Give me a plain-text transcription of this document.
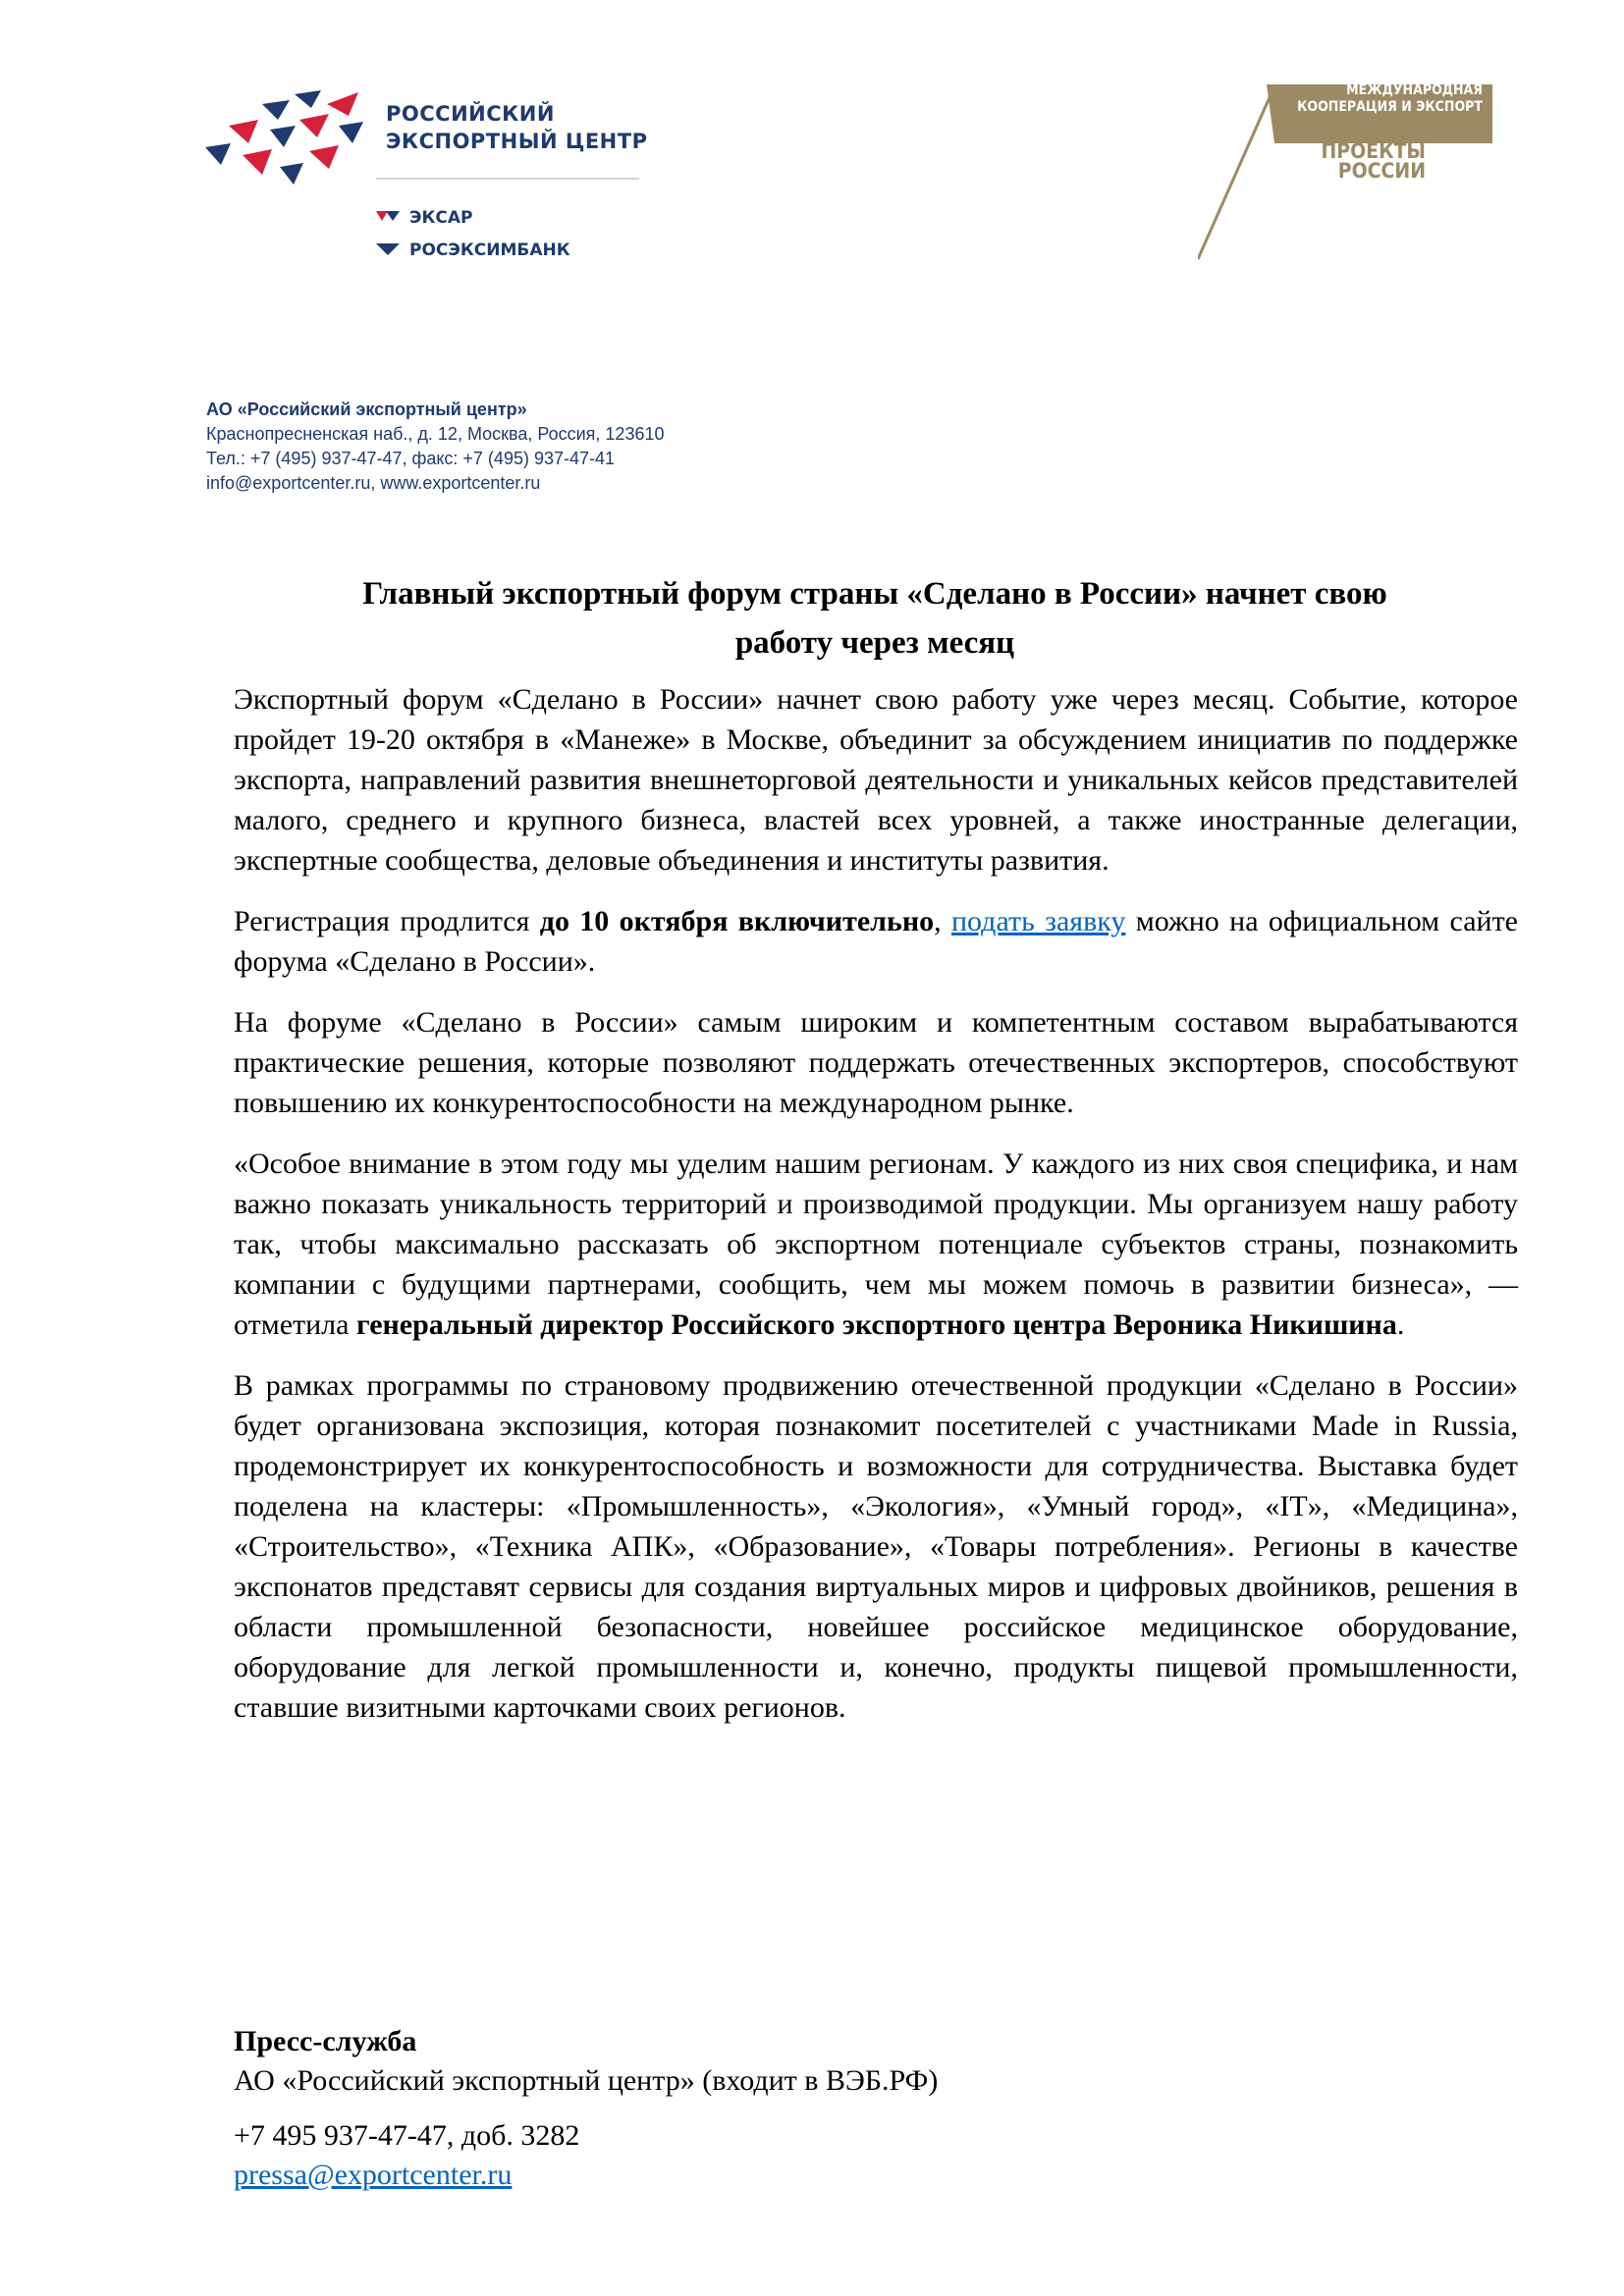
РОССИЙСКИЙ
ЭКСПОРТНЫЙ ЦЕНТР
ЭКСАР
РОСЭКСИМБАНК
МЕЖДУНАРОДНАЯ
КООПЕРАЦИЯ И ЭКСПОРТ
НАЦИОНАЛЬНЫЕ
ПРОЕКТЫ
РОССИИ
АО «Российский экспортный центр»
Краснопресненская наб., д. 12, Москва, Россия, 123610
Тел.: +7 (495) 937-47-47, факс: +7 (495) 937-47-41
info@exportcenter.ru, www.exportcenter.ru
Главный экспортный форум страны «Сделано в России» начнет свою
работу через месяц

Экспортный форум «Сделано в России» начнет свою работу уже через месяц. Событие, которое пройдет 19-20 октября в «Манеже» в Москве, объединит за обсуждением инициатив по поддержке экспорта, направлений развития внешнеторговой деятельности и уникальных кейсов представителей малого, среднего и крупного бизнеса, властей всех уровней, а также иностранные делегации, экспертные сообщества, деловые объединения и институты развития.

Регистрация продлится до 10 октября включительно, подать заявку можно на официальном сайте форума «Сделано в России».

На форуме «Сделано в России» самым широким и компетентным составом вырабатываются практические решения, которые позволяют поддержать отечественных экспортеров, способствуют повышению их конкурентоспособности на международном рынке.

«Особое внимание в этом году мы уделим нашим регионам. У каждого из них своя специфика, и нам важно показать уникальность территорий и производимой продукции. Мы организуем нашу работу так, чтобы максимально рассказать об экспортном потенциале субъектов страны, познакомить компании с будущими партнерами, сообщить, чем мы можем помочь в развитии бизнеса», — отметила генеральный директор Российского экспортного центра Вероника Никишина.

В рамках программы по страновому продвижению отечественной продукции «Сделано в России» будет организована экспозиция, которая познакомит посетителей с участниками Made in Russia, продемонстрирует их конкурентоспособность и возможности для сотрудничества. Выставка будет поделена на кластеры: «Промышленность», «Экология», «Умный город», «IT», «Медицина», «Строительство», «Техника АПК», «Образование», «Товары потребления». Регионы в качестве экспонатов представят сервисы для создания виртуальных миров и цифровых двойников, решения в области промышленной безопасности, новейшее российское медицинское оборудование, оборудование для легкой промышленности и, конечно, продукты пищевой промышленности, ставшие визитными карточками своих регионов.

Пресс-служба
АО «Российский экспортный центр» (входит в ВЭБ.РФ)
+7 495 937-47-47, доб. 3282
pressa@exportcenter.ru
